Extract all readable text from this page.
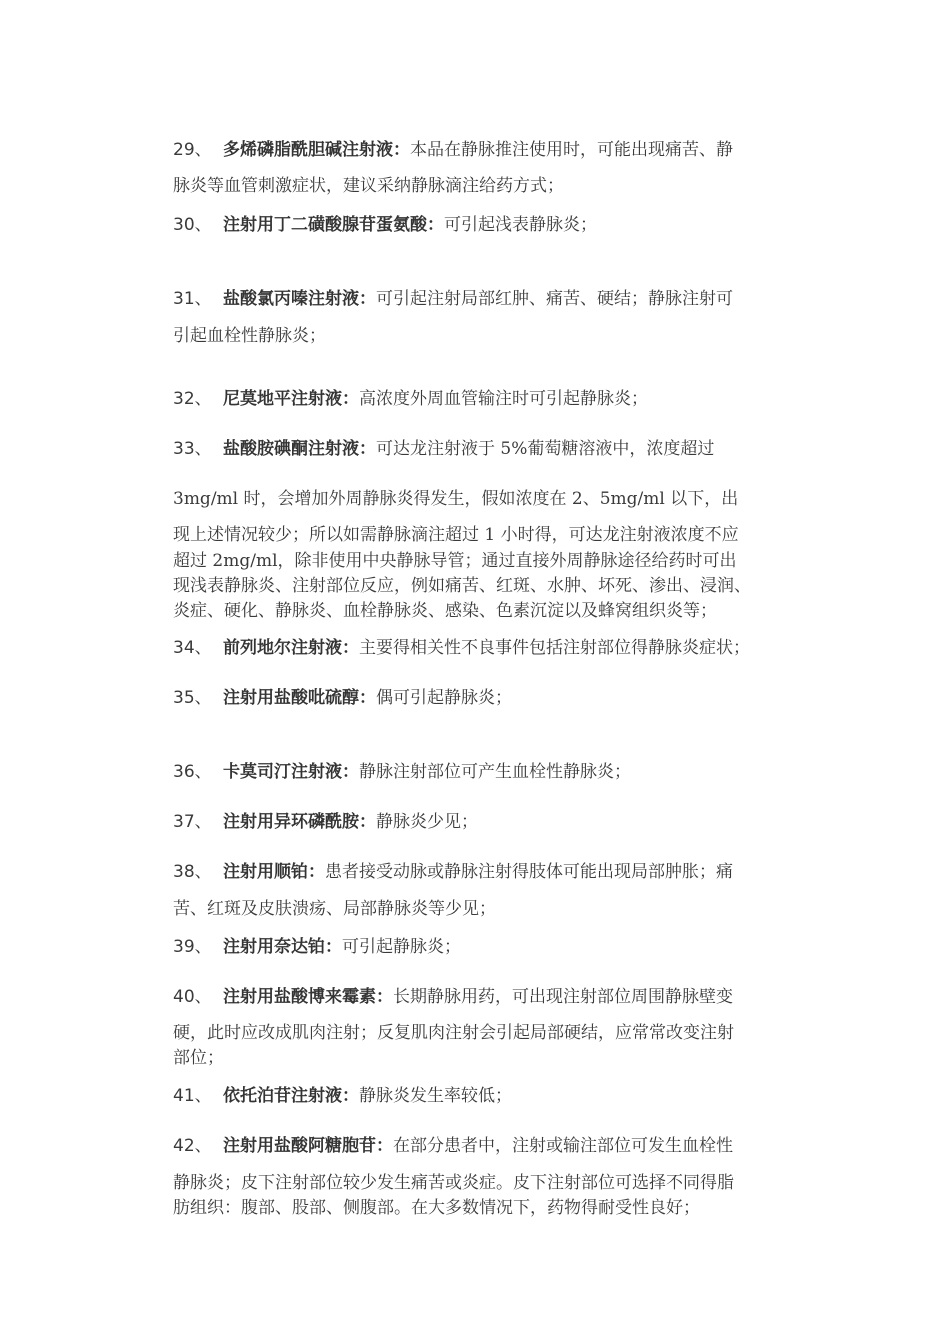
29、 多烯磷脂酰胆碱注射液：本品在静脉推注使用时，可能出现痛苦、静
脉炎等血管刺激症状，建议采纳静脉滴注给药方式；
30、 注射用丁二磺酸腺苷蛋氨酸：可引起浅表静脉炎；
31、 盐酸氯丙嗪注射液：可引起注射局部红肿、痛苦、硬结；静脉注射可
引起血栓性静脉炎；
32、 尼莫地平注射液：高浓度外周血管输注时可引起静脉炎；
33、 盐酸胺碘酮注射液：可达龙注射液于 5%葡萄糖溶液中，浓度超过
3mg/ml 时，会增加外周静脉炎得发生，假如浓度在 2、5mg/ml 以下，出
现上述情况较少；所以如需静脉滴注超过 1 小时得，可达龙注射液浓度不应
超过 2mg/ml，除非使用中央静脉导管；通过直接外周静脉途径给药时可出
现浅表静脉炎、注射部位反应，例如痛苦、红斑、水肿、坏死、渗出、浸润、
炎症、硬化、静脉炎、血栓静脉炎、感染、色素沉淀以及蜂窝组织炎等；
34、 前列地尔注射液：主要得相关性不良事件包括注射部位得静脉炎症状；
35、 注射用盐酸吡硫醇：偶可引起静脉炎；
36、 卡莫司汀注射液：静脉注射部位可产生血栓性静脉炎；
37、 注射用异环磷酰胺：静脉炎少见；
38、 注射用顺铂：患者接受动脉或静脉注射得肢体可能出现局部肿胀；痛
苦、红斑及皮肤溃疡、局部静脉炎等少见；
39、 注射用奈达铂：可引起静脉炎；
40、 注射用盐酸博来霉素：长期静脉用药，可出现注射部位周围静脉壁变
硬，此时应改成肌肉注射；反复肌肉注射会引起局部硬结，应常常改变注射
部位；
41、 依托泊苷注射液：静脉炎发生率较低；
42、 注射用盐酸阿糖胞苷：在部分患者中，注射或输注部位可发生血栓性
静脉炎；皮下注射部位较少发生痛苦或炎症。皮下注射部位可选择不同得脂
肪组织：腹部、股部、侧腹部。在大多数情况下，药物得耐受性良好；
